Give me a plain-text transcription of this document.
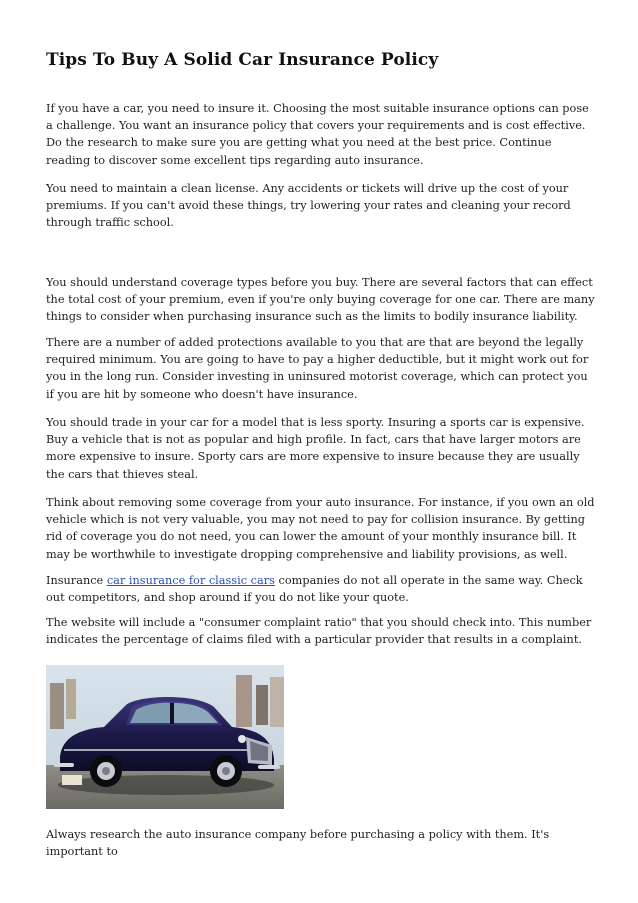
Tips To Buy A Solid Car Insurance Policy

If you have a car, you need to insure it. Choosing the most suitable insurance options can pose a challenge. You want an insurance policy that covers your requirements and is cost effective. Do the research to make sure you are getting what you need at the best price. Continue reading to discover some excellent tips regarding auto insurance.

You need to maintain a clean license. Any accidents or tickets will drive up the cost of your premiums. If you can't avoid these things, try lowering your rates and cleaning your record through traffic school.

You should understand coverage types before you buy. There are several factors that can effect the total cost of your premium, even if you're only buying coverage for one car. There are many things to consider when purchasing insurance such as the limits to bodily insurance liability.

There are a number of added protections available to you that are that are beyond the legally required minimum. You are going to have to pay a higher deductible, but it might work out for you in the long run. Consider investing in uninsured motorist coverage, which can protect you if you are hit by someone who doesn't have insurance.

You should trade in your car for a model that is less sporty. Insuring a sports car is expensive. Buy a vehicle that is not as popular and high profile. In fact, cars that have larger motors are more expensive to insure. Sporty cars are more expensive to insure because they are usually the cars that thieves steal.

Think about removing some coverage from your auto insurance. For instance, if you own an old vehicle which is not very valuable, you may not need to pay for collision insurance. By getting rid of coverage you do not need, you can lower the amount of your monthly insurance bill. It may be worthwhile to investigate dropping comprehensive and liability provisions, as well.

Insurance car insurance for classic cars companies do not all operate in the same way. Check out competitors, and shop around if you do not like your quote.

The website will include a "consumer complaint ratio" that you should check into. This number indicates the percentage of claims filed with a particular provider that results in a complaint.

Always research the auto insurance company before purchasing a policy with them. It's important to
